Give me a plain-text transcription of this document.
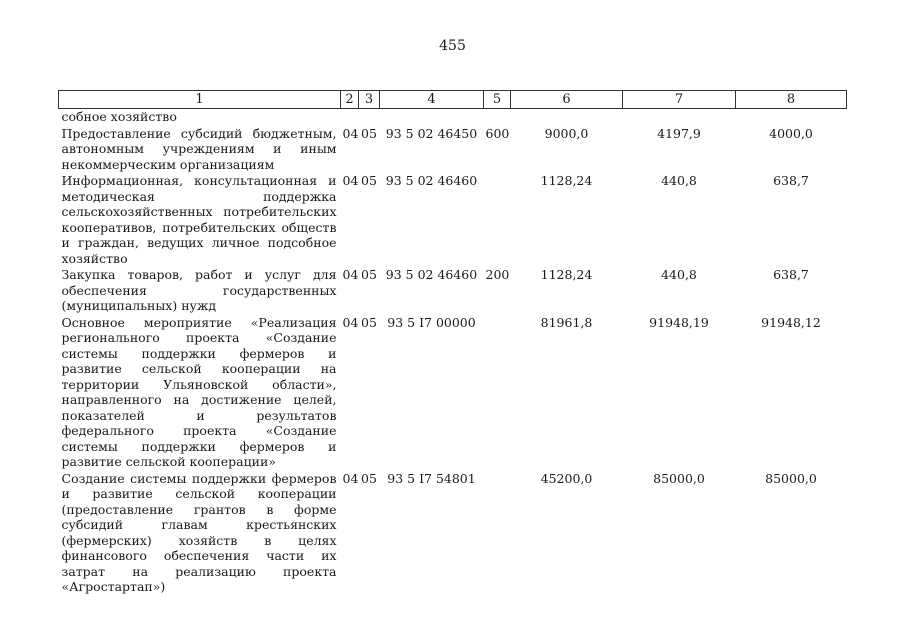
455
1	2	3	4	5	6	7	8
собное хозяйство							
Предоставление субсидий бюджетным, автономным учреждениям и иным некоммерческим организациям	04	05	93 5 02 46450	600	9000,0	4197,9	4000,0
Информационная, консультационная и методическая поддержка сельскохозяйственных потребительских кооперативов, потребительских обществ и граждан, ведущих личное подсобное хозяйство	04	05	93 5 02 46460		1128,24	440,8	638,7
Закупка товаров, работ и услуг для обеспечения государственных (муниципальных) нужд	04	05	93 5 02 46460	200	1128,24	440,8	638,7
Основное мероприятие «Реализация регионального проекта «Создание системы поддержки фермеров и развитие сельской кооперации на территории Ульяновской области», направленного на достижение целей, показателей и результатов федерального проекта «Создание системы поддержки фермеров и развитие сельской кооперации»	04	05	93 5 I7 00000		81961,8	91948,19	91948,12
Создание системы поддержки фермеров и развитие сельской кооперации (предоставление грантов в форме субсидий главам крестьянских (фермерских) хозяйств в целях финансового обеспечения части их затрат на реализацию проекта «Агростартап»)	04	05	93 5 I7 54801		45200,0	85000,0	85000,0
